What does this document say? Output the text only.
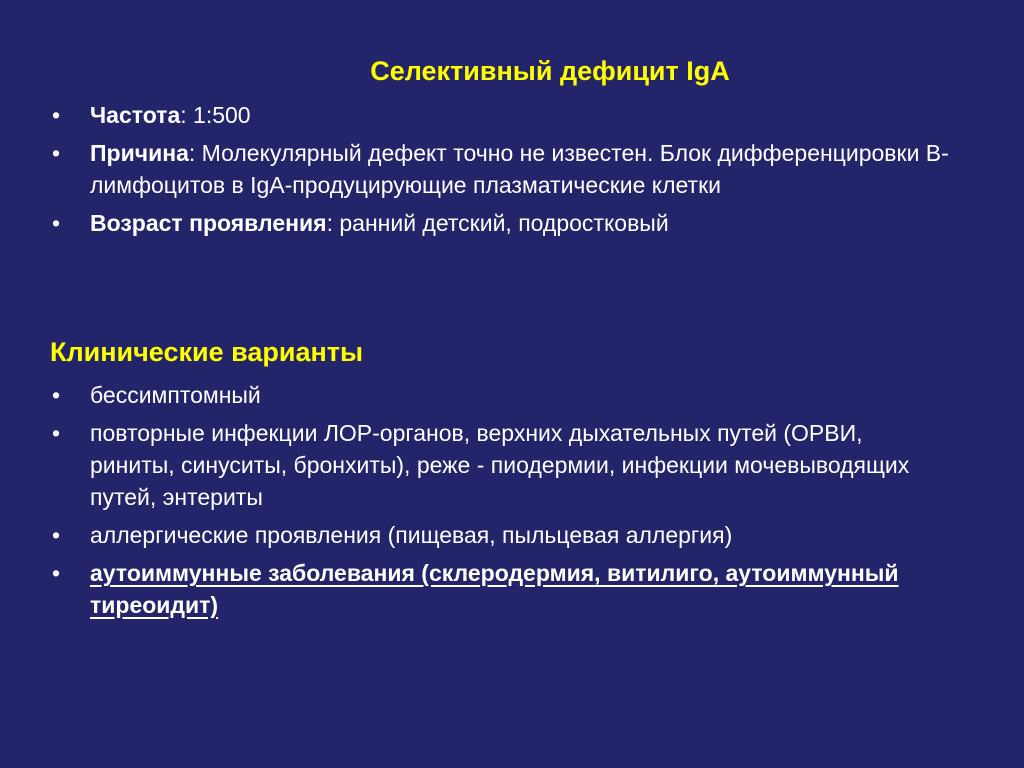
Селективный дефицит IgA
• Частота: 1:500
• Причина: Молекулярный дефект точно не известен. Блок дифференцировки В-лимфоцитов в IgA-продуцирующие плазматические клетки
• Возраст проявления: ранний детский, подростковый
Клинические варианты
• бессимптомный
• повторные инфекции ЛОР-органов, верхних дыхательных путей (ОРВИ, риниты, синуситы, бронхиты), реже - пиодермии, инфекции мочевыводящих путей, энтериты
• аллергические проявления (пищевая, пыльцевая аллергия)
• аутоиммунные заболевания (склеродермия, витилиго, аутоиммунный тиреоидит)
